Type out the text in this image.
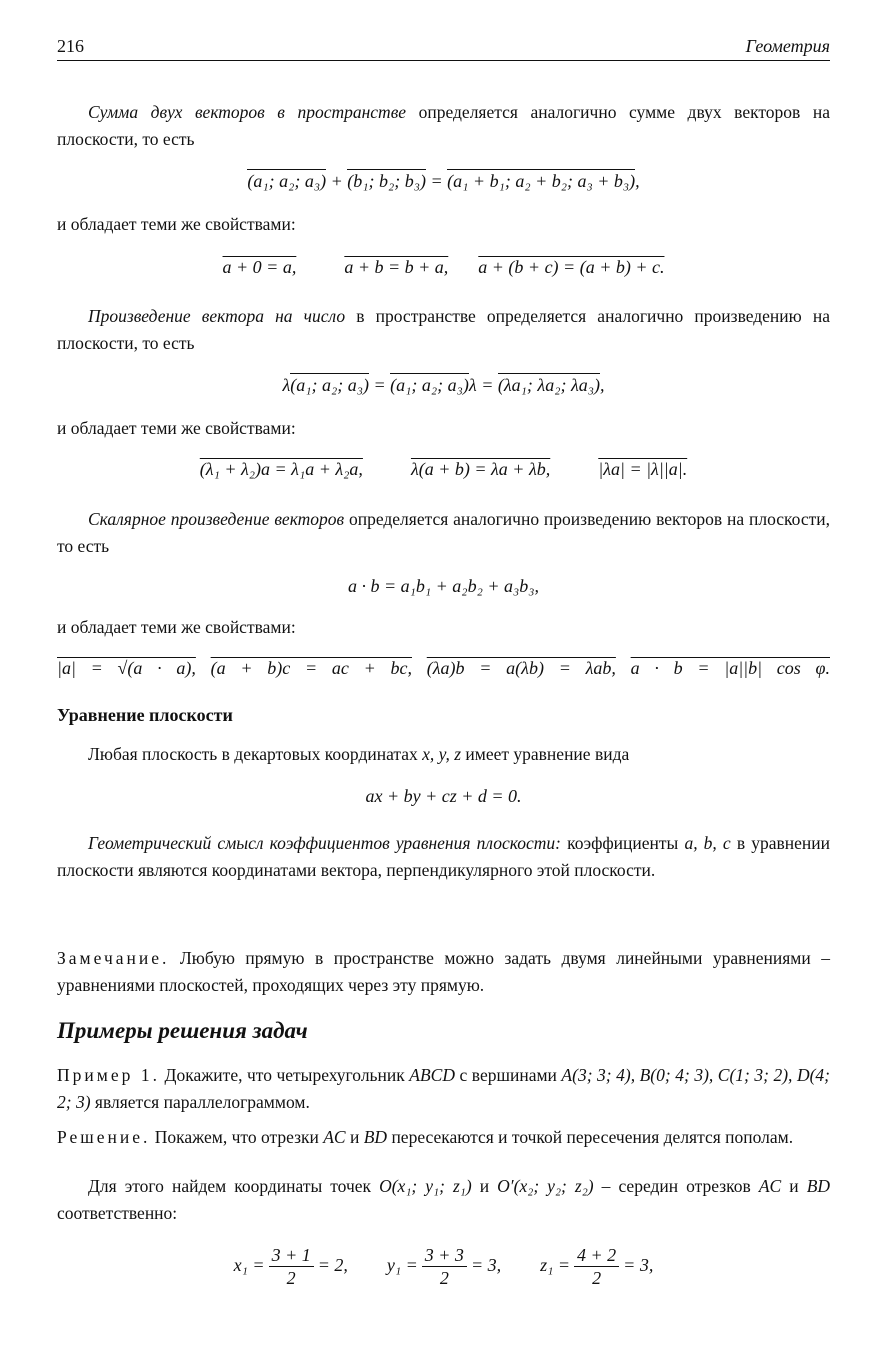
216	Геометрия
Сумма двух векторов в пространстве определяется аналогично сумме двух векторов на плоскости, то есть
(a₁; a₂; a₃) + (b₁; b₂; b₃) = (a₁ + b₁; a₂ + b₂; a₃ + b₃),
и обладает теми же свойствами:
a + 0 = a,	a + b = b + a, a + (b + c) = (a + b) + c.
Произведение вектора на число в пространстве определяется аналогично произведению на плоскости, то есть
λ(a₁; a₂; a₃) = (a₁; a₂; a₃)λ = (λa₁; λa₂; λa₃),
и обладает теми же свойствами:
(λ₁ + λ₂)a = λ₁a + λ₂a,	λ(a + b) = λa + λb,	|λa| = |λ||a|.
Скалярное произведение векторов определяется аналогично произведению векторов на плоскости, то есть
a · b = a₁b₁ + a₂b₂ + a₃b₃,
и обладает теми же свойствами:
|a| = √(a · a), (a + b)c = ac + bc, (λa)b = a(λb) = λab, a · b = |a||b| cos φ.
Уравнение плоскости
Любая плоскость в декартовых координатах x, y, z имеет уравнение вида
ax + by + cz + d = 0.
Геометрический смысл коэффициентов уравнения плоскости: коэффициенты a, b, c в уравнении плоскости являются координатами вектора, перпендикулярного этой плоскости.
Замечание. Любую прямую в пространстве можно задать двумя линейными уравнениями – уравнениями плоскостей, проходящих через эту прямую.
Примеры решения задач
Пример 1. Докажите, что четырехугольник ABCD с вершинами A(3; 3; 4), B(0; 4; 3), C(1; 3; 2), D(4; 2; 3) является параллелограммом.
Решение. Покажем, что отрезки AC и BD пересекаются и точкой пересечения делятся пополам.
Для этого найдем координаты точек O(x₁; y₁; z₁) и O′(x₂; y₂; z₂) – середин отрезков AC и BD соответственно:
$x_1 = \frac{3 + 1}{2} = 2$, $y_1 = \frac{3 + 3}{2} = 3$, $z_1 = \frac{4 + 2}{2} = 3$,
